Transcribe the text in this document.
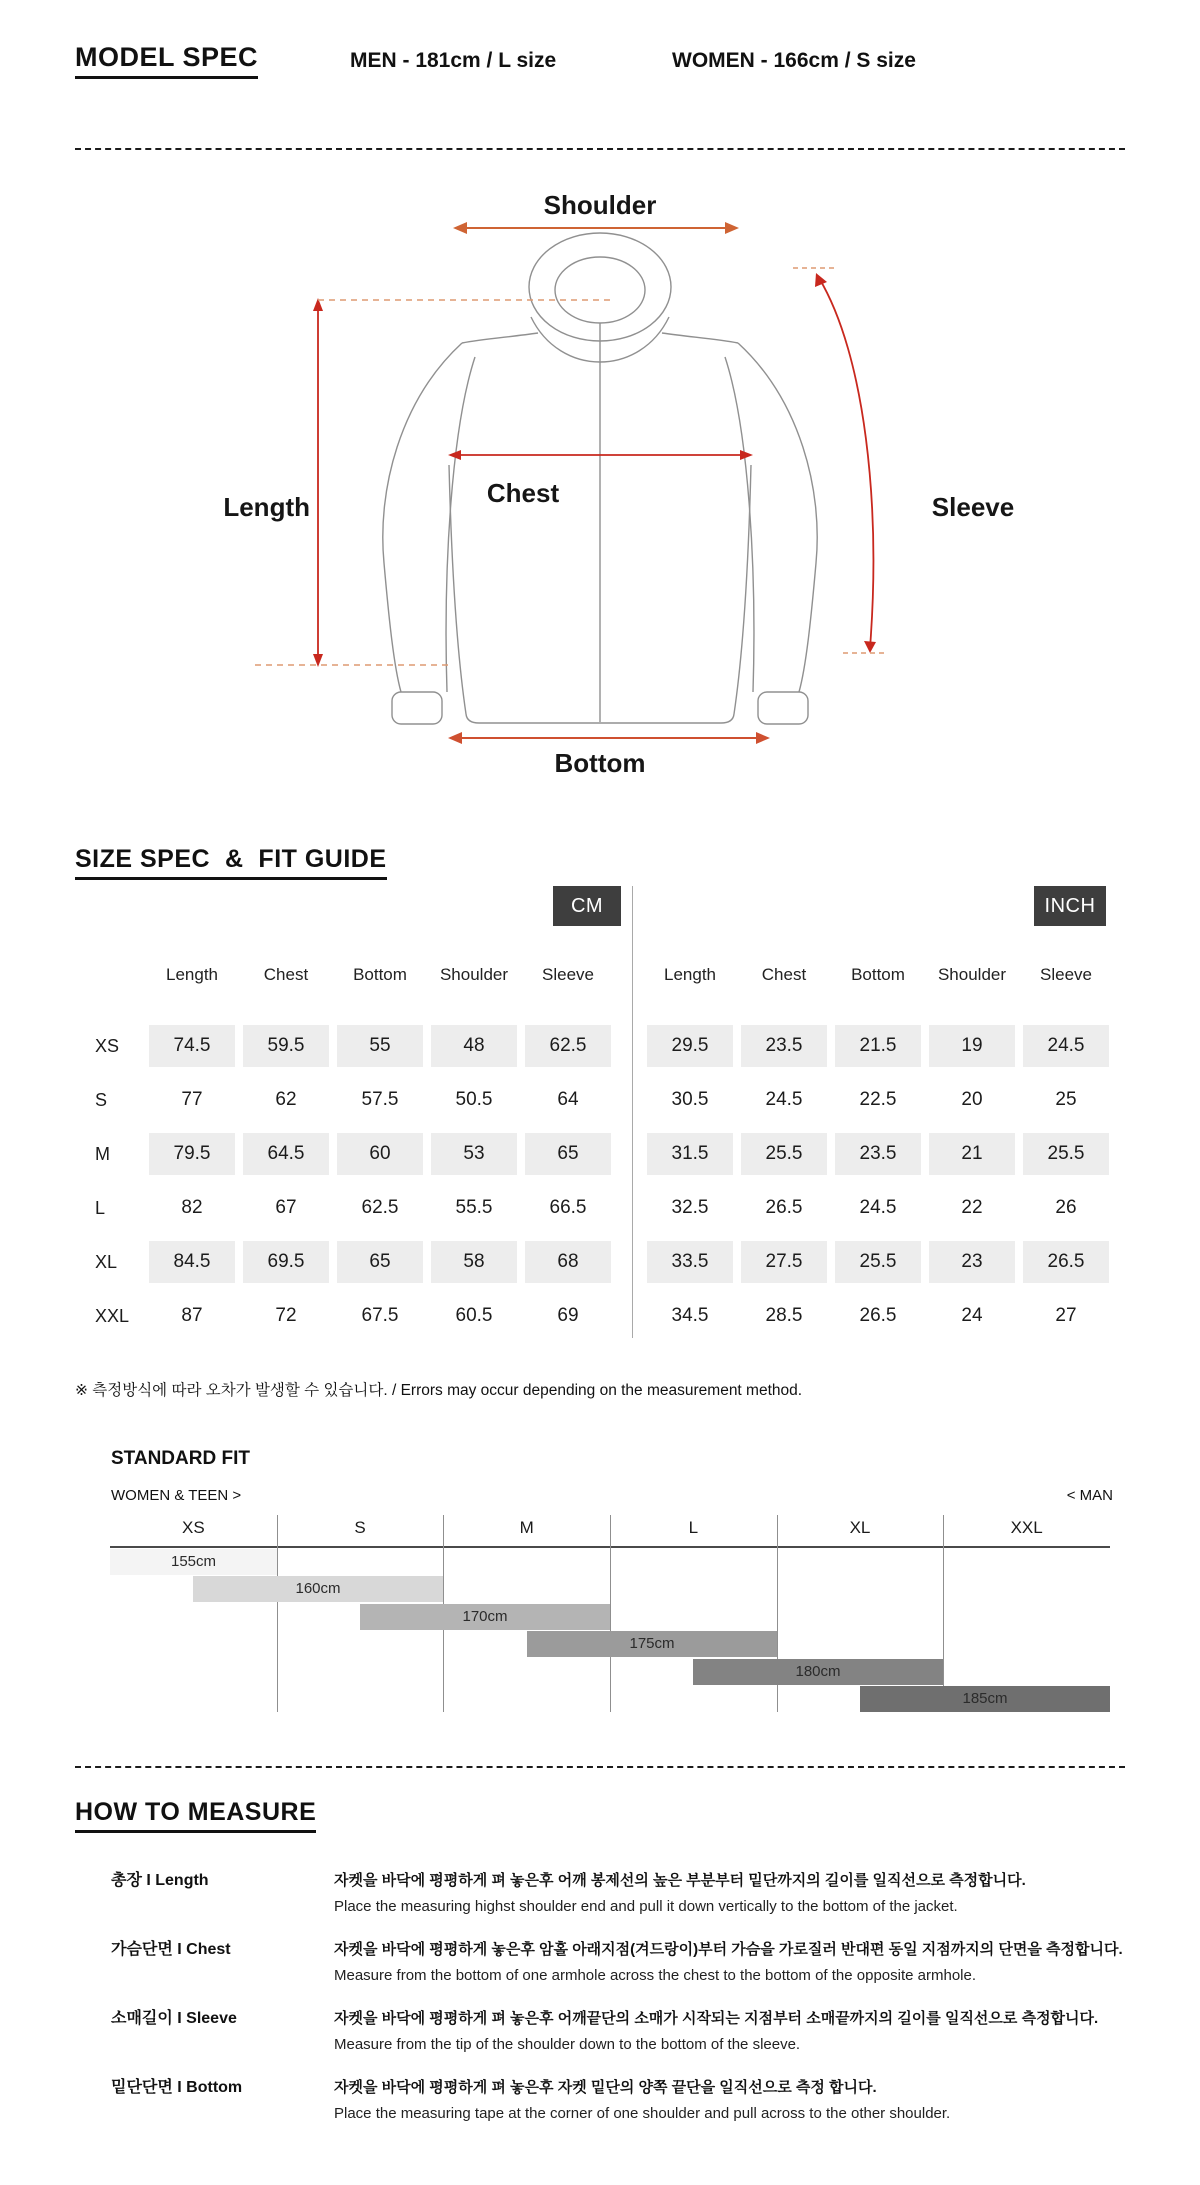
MODEL SPEC	MEN - 181cm / L size	WOMEN - 166cm / S size
Shoulder
Length	Chest	Sleeve
Bottom
SIZE SPEC  &  FIT GUIDE
CM	INCH
Length	Chest	Bottom	Shoulder	Sleeve
XS	74.5	59.5	55	48	62.5
S	77	62	57.5	50.5	64
M	79.5	64.5	60	53	65
L	82	67	62.5	55.5	66.5
XL	84.5	69.5	65	58	68
XXL	87	72	67.5	60.5	69
Length	Chest	Bottom	Shoulder	Sleeve
29.5	23.5	21.5	19	24.5
30.5	24.5	22.5	20	25
31.5	25.5	23.5	21	25.5
32.5	26.5	24.5	22	26
33.5	27.5	25.5	23	26.5
34.5	28.5	26.5	24	27
※ 측정방식에 따라 오차가 발생할 수 있습니다. / Errors may occur depending on the measurement method.
STANDARD FIT
WOMEN & TEEN >	< MAN
XS	S	M	L	XL	XXL
155cm
160cm
170cm
175cm
180cm
185cm
HOW TO MEASURE
총장 I Length	자켓을 바닥에 평평하게 펴 놓은후 어깨 봉제선의 높은 부분부터 밑단까지의 길이를 일직선으로 측정합니다.
Place the measuring highst shoulder end and pull it down vertically to the bottom of the jacket.
가슴단면 I Chest	자켓을 바닥에 평평하게 놓은후 암홀 아래지점(겨드랑이)부터 가슴을 가로질러 반대편 동일 지점까지의 단면을 측정합니다.
Measure from the bottom of one armhole across the chest to the bottom of the opposite armhole.
소매길이 I Sleeve	자켓을 바닥에 평평하게 펴 놓은후 어깨끝단의 소매가 시작되는 지점부터 소매끝까지의 길이를 일직선으로 측정합니다.
Measure from the tip of the shoulder down to the bottom of the sleeve.
밑단단면 I Bottom	자켓을 바닥에 평평하게 펴 놓은후 자켓 밑단의 양쪽 끝단을 일직선으로 측정 합니다.
Place the measuring tape at the corner of one shoulder and pull across to the other shoulder.
